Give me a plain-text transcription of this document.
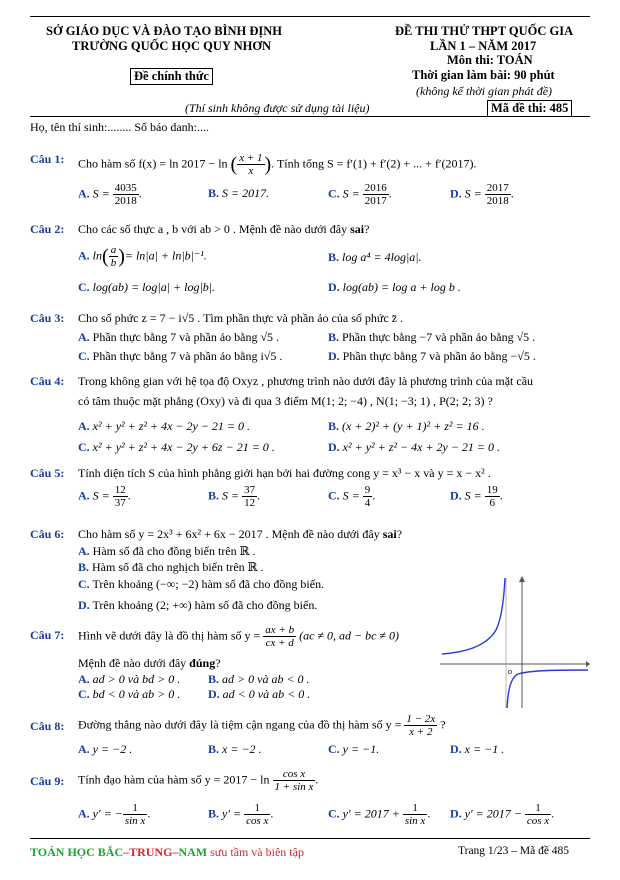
SỞ GIÁO DỤC VÀ ĐÀO TẠO BÌNH ĐỊNH
TRƯỜNG QUỐC HỌC QUY NHƠN
Đề chính thức
ĐỀ THI THỬ THPT QUỐC GIA
LẦN 1 – NĂM 2017
Môn thi: TOÁN
Thời gian làm bài: 90 phút
(không kể thời gian phát đề)
(Thí sinh không được sử dụng tài liệu)	Mã đề thi: 485
Họ, tên thí sinh:........ Số báo danh:....
Câu 1: Cho hàm số f(x) = ln 2017 − ln ( $\frac{x + 1}{x}$ ). Tính tổng S = f′(1) + f′(2) + ... + f′(2017).
A. $S = \frac{4035}{2018}$ .	B. S = 2017.	C. $S = \frac{2016}{2017}$ .	D. $S = \frac{2017}{2018}$ .
Câu 2: Cho các số thực a , b với ab > 0 . Mệnh đề nào dưới đây sai?
A. $\ln( \frac{a}{b}$ )= ln|a| + ln|b|⁻¹.	B. log a⁴ = 4log|a|.
C. log(ab) = log|a| + log|b|.	D. log(ab) = log a + log b .
Câu 3: Cho số phức z = 7 − i√5 . Tìm phần thực và phần ảo của số phức z̄ .
A. Phần thực bằng 7 và phần ảo bằng √5 .	B. Phần thực bằng −7 và phần ảo bằng √5 .
C. Phần thực bằng 7 và phần ảo bằng i√5 .	D. Phần thực bằng 7 và phần ảo bằng −√5 .
Câu 4: Trong không gian với hệ tọa độ Oxyz , phương trình nào dưới đây là phương trình của mặt cầu
có tâm thuộc mặt phẳng (Oxy) và đi qua 3 điểm M(1; 2; −4) , N(1; −3; 1) , P(2; 2; 3) ?
A. x² + y² + z² + 4x − 2y − 21 = 0 .	B. (x + 2)² + (y + 1)² + z² = 16 .
C. x² + y² + z² + 4x − 2y + 6z − 21 = 0 .	D. x² + y² + z² − 4x + 2y − 21 = 0 .
Câu 5: Tính diện tích S của hình phẳng giới hạn bởi hai đường cong y = x³ − x và y = x − x² .
A. $S = \frac{12}{37}$ .	B. $S = \frac{37}{12}$ .	C. $S = \frac{9}{4}$ .	D. $S = \frac{19}{6}$ .
Câu 6: Cho hàm số y = 2x³ + 6x² + 6x − 2017 . Mệnh đề nào dưới đây sai?
A. Hàm số đã cho đồng biến trên ℝ .
B. Hàm số đã cho nghịch biến trên ℝ .
C. Trên khoảng (−∞; −2) hàm số đã cho đồng biến.
D. Trên khoảng (2; +∞) hàm số đã cho đồng biến.
o
Câu 7: Hình vẽ dưới đây là đồ thị hàm số $y = \frac{ax + b}{cx + d} (ac \ne 0$, ad − bc ≠ 0)
Mệnh đề nào dưới đây đúng?
A. ad > 0 và bd > 0 . B. ad > 0 và ab < 0 .
C. bd < 0 và ab > 0 . D. ad < 0 và ab < 0 .
Câu 8: Đường thẳng nào dưới đây là tiệm cận ngang của đồ thị hàm số $y = \frac{1 - 2x}{x + 2}$ ?
A. y = −2 .	B. x = −2 .	C. y = −1.	D. x = −1 .
Câu 9: Tính đạo hàm của hàm số $y = 2017 - \ln \frac{\text{cos x}}{\text{1 + sin x}}$ .
A. y′ = − $\frac{1}{\text{sin x}}$ .	B. $y' = \frac{1}{\text{cos x}}$ .	C. $y' = 2017 + \frac{1}{\text{sin x}}$ . D. $y' = 2017 - \frac{1}{\text{cos x}}$ .
TOÁN HỌC BẮC–TRUNG–NAM sưu tầm và biên tập	Trang 1/23 – Mã đề 485
